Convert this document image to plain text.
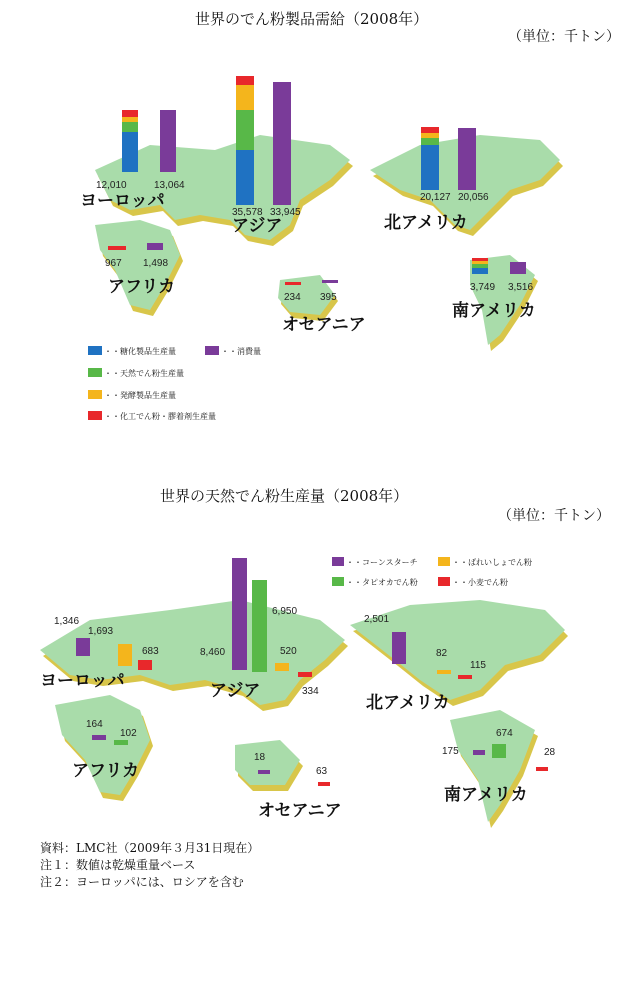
世界のでん粉製品需給（2008年）
（単位：千トン）
12,010	13,064
35,578 33,945
20,127 20,056
967 1,498
234 395
3,749 3,516
ヨーロッパ
アジア	北アメリカ
アフリカ
オセアニア
南アメリカ
・・糖化製品生産量	・・消費量
・・天然でん粉生産量
・・発酵製品生産量
・・化工でん粉・膠着剤生産量
世界の天然でん粉生産量（2008年）
（単位：千トン）
1,346
1,693
683	8,460
6,950
520
334
2,501
82
115
164
102
18
63
175
674
28
ヨーロッパ	アジア
北アメリカ
アフリカ
オセアニア
南アメリカ
・・コーンスターチ	・・ばれいしょでん粉
・・タピオカでん粉	・・小麦でん粉
資料：LMC社（2009年３月31日現在）
注１：数値は乾燥重量ベース
注２：ヨーロッパには、ロシアを含む
